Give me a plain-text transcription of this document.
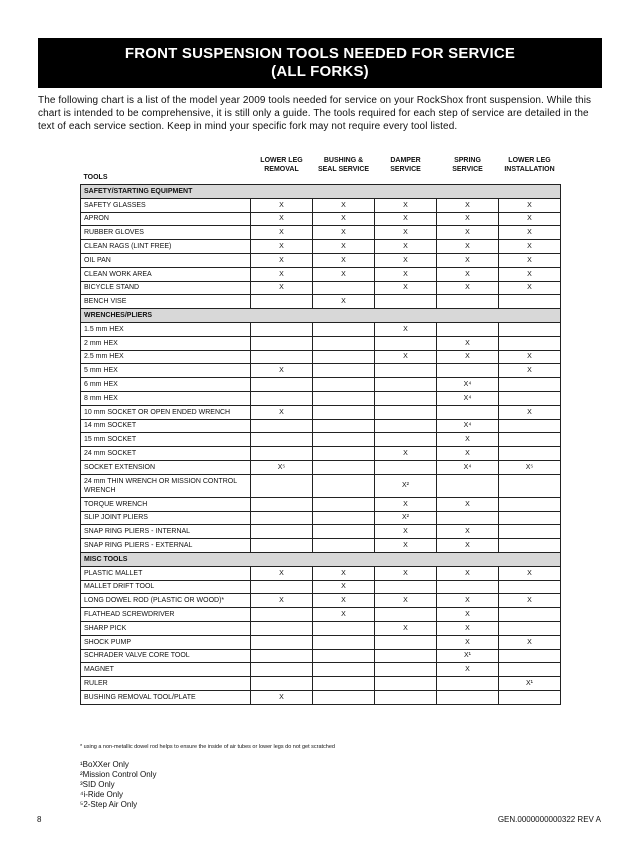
FRONT SUSPENSION TOOLS NEEDED FOR SERVICE
(ALL FORKS)
The following chart is a list of the model year 2009 tools needed for service on your RockShox front suspension. While this chart is intended to be comprehensive, it is still only a guide. The tools required for each step of service are detailed in the text of each service section. Keep in mind your specific fork may not require every tool listed.
TOOLS	LOWER LEG REMOVAL	BUSHING & SEAL SERVICE	DAMPER SERVICE	SPRING SERVICE	LOWER LEG INSTALLATION
SAFETY/STARTING EQUIPMENT					
SAFETY GLASSES	X	X	X	X	X
APRON	X	X	X	X	X
RUBBER GLOVES	X	X	X	X	X
CLEAN RAGS (LINT FREE)	X	X	X	X	X
OIL PAN	X	X	X	X	X
CLEAN WORK AREA	X	X	X	X	X
BICYCLE STAND	X		X	X	X
BENCH VISE		X			
WRENCHES/PLIERS					
1.5 mm HEX			X		
2 mm HEX				X	
2.5 mm HEX			X	X	X
5 mm HEX	X				X
6 mm HEX				X⁴	
8 mm HEX				X⁴	
10 mm SOCKET OR OPEN ENDED WRENCH	X				X
14 mm SOCKET				X⁴	
15 mm SOCKET				X	
24 mm SOCKET			X	X	
SOCKET EXTENSION	X⁵			X⁴	X⁵
24 mm THIN WRENCH OR MISSION CONTROL WRENCH			X²		
TORQUE WRENCH			X	X	
SLIP JOINT PLIERS			X²		
SNAP RING PLIERS - INTERNAL			X	X	
SNAP RING PLIERS - EXTERNAL			X	X	
MISC TOOLS					
PLASTIC MALLET	X	X	X	X	X
MALLET DRIFT TOOL		X			
LONG DOWEL ROD (PLASTIC OR WOOD)*	X	X	X	X	X
FLATHEAD SCREWDRIVER		X		X	
SHARP PICK			X	X	
SHOCK PUMP				X	X
SCHRADER VALVE CORE TOOL				X¹	
MAGNET				X	
RULER					X¹
BUSHING REMOVAL TOOL/PLATE	X				
* using a non-metallic dowel rod helps to ensure the inside of air tubes or lower legs do not get scratched
¹BoXXer Only
²Mission Control Only
³SID Only
⁴i-Ride Only
⁵2-Step Air Only
8	GEN.0000000000322 REV A
